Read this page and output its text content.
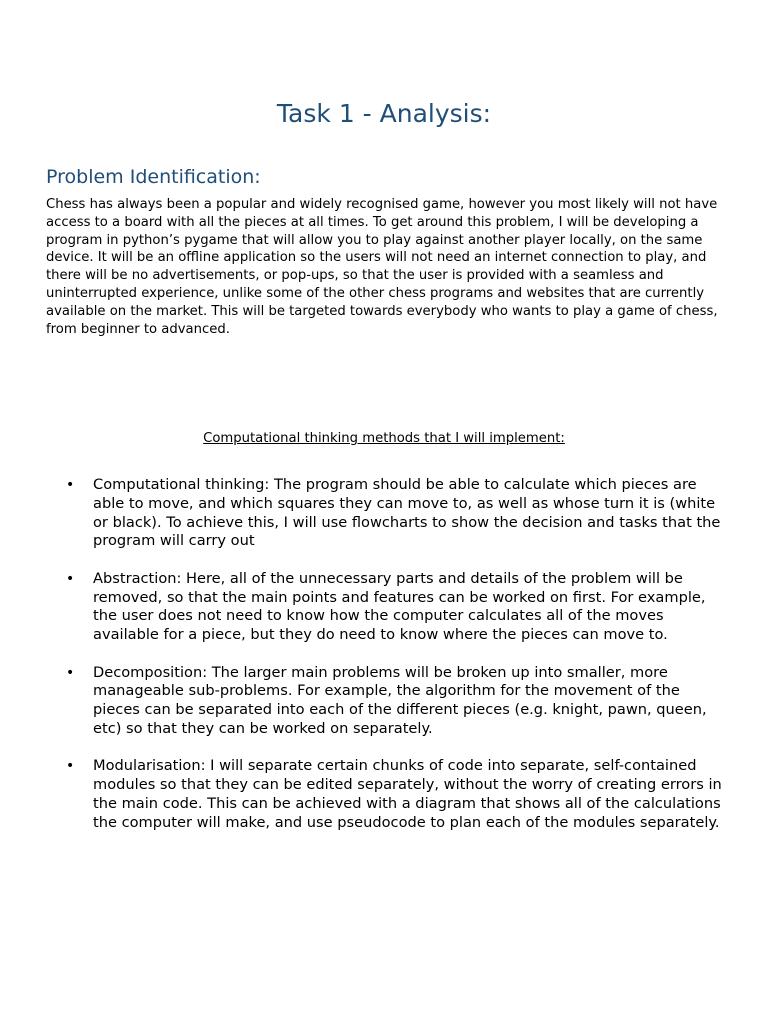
Task 1 - Analysis:
Problem Identification:

Chess has always been a popular and widely recognised game, however you most likely will not have access to a board with all the pieces at all times. To get around this problem, I will be developing a program in python’s pygame that will allow you to play against another player locally, on the same device. It will be an offline application so the users will not need an internet connection to play, and there will be no advertisements, or pop-ups, so that the user is provided with a seamless and uninterrupted experience, unlike some of the other chess programs and websites that are currently available on the market. This will be targeted towards everybody who wants to play a game of chess, from beginner to advanced.

Computational thinking methods that I will implement:

• Computational thinking: The program should be able to calculate which pieces are able to move, and which squares they can move to, as well as whose turn it is (white or black). To achieve this, I will use flowcharts to show the decision and tasks that the program will carry out
• Abstraction: Here, all of the unnecessary parts and details of the problem will be removed, so that the main points and features can be worked on first. For example, the user does not need to know how the computer calculates all of the moves available for a piece, but they do need to know where the pieces can move to.
• Decomposition: The larger main problems will be broken up into smaller, more manageable sub-problems. For example, the algorithm for the movement of the pieces can be separated into each of the different pieces (e.g. knight, pawn, queen, etc) so that they can be worked on separately.
• Modularisation: I will separate certain chunks of code into separate, self-contained modules so that they can be edited separately, without the worry of creating errors in the main code. This can be achieved with a diagram that shows all of the calculations the computer will make, and use pseudocode to plan each of the modules separately.
